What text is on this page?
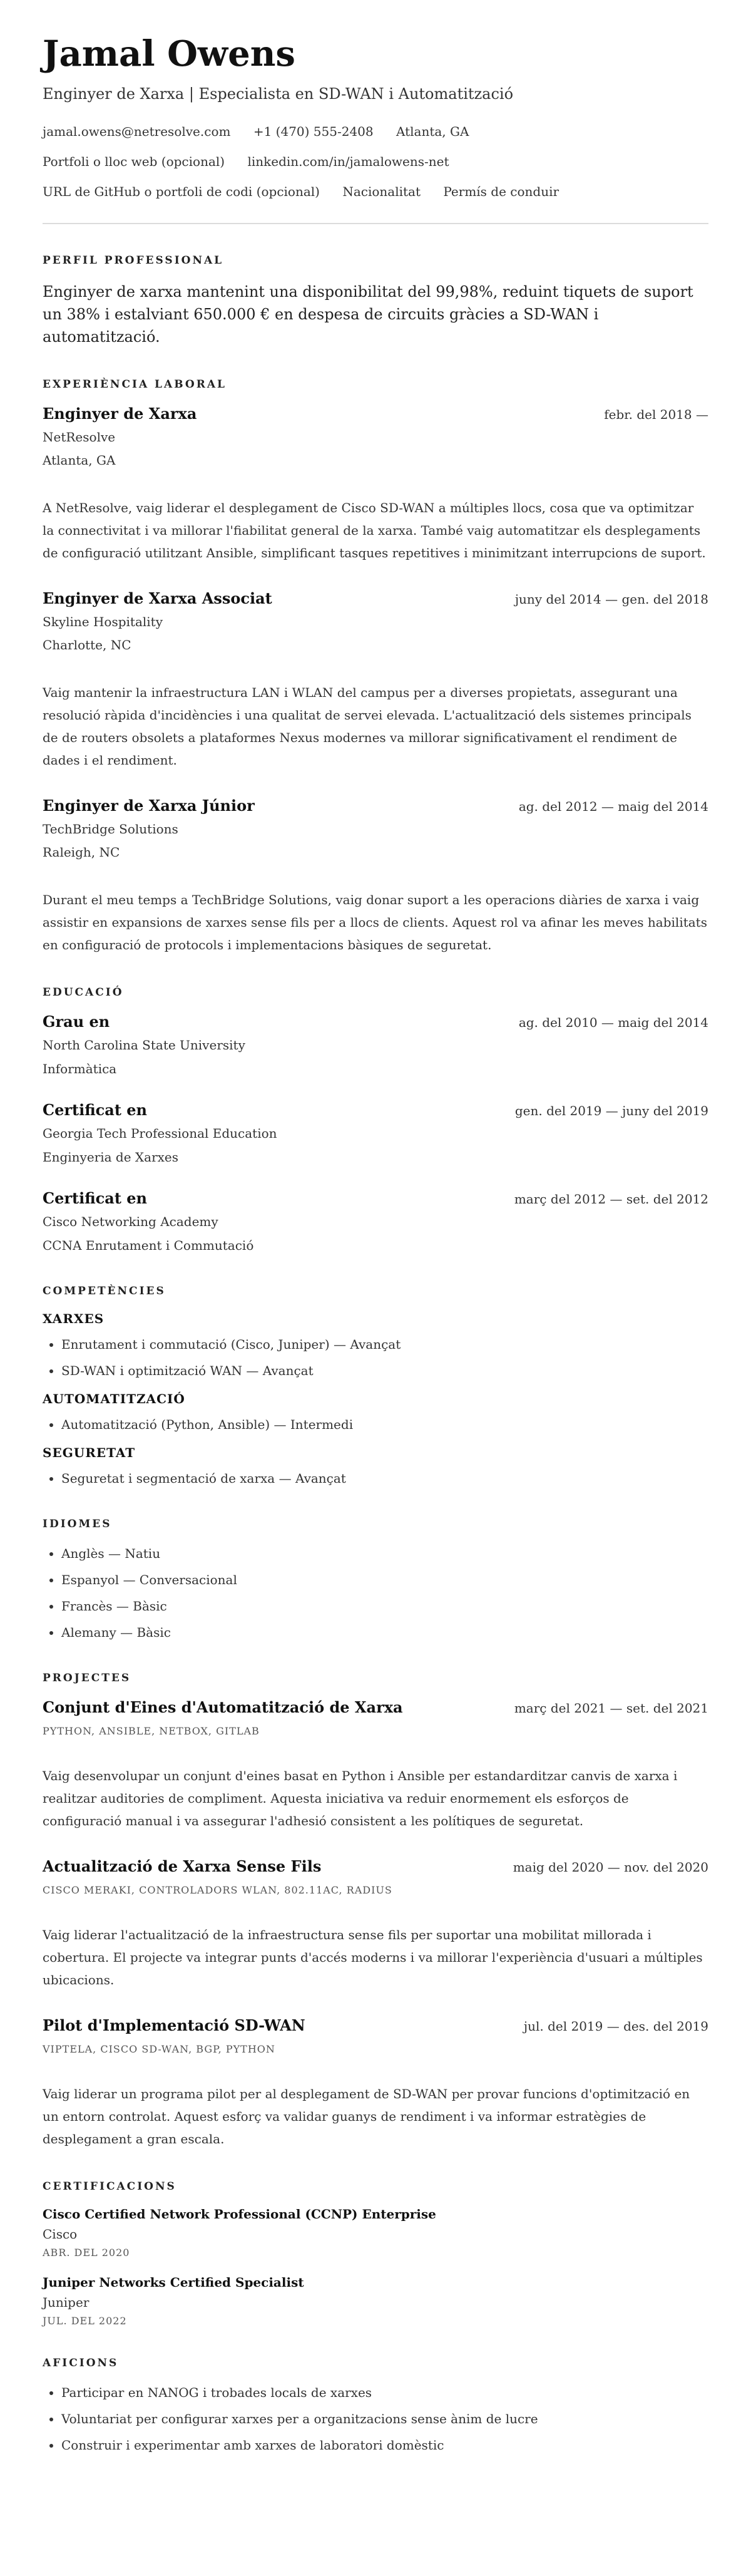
Jamal Owens
Enginyer de Xarxa | Especialista en SD-WAN i Automatització
jamal.owens@netresolve.com +1 (470) 555-2408 Atlanta, GA
Portfoli o lloc web (opcional) linkedin.com/in/jamalowens-net
URL de GitHub o portfoli de codi (opcional) Nacionalitat Permís de conduir
PERFIL PROFESSIONAL

Enginyer de xarxa mantenint una disponibilitat del 99,98%, reduint tiquets de suport un 38% i estalviant 650.000 € en despesa de circuits gràcies a SD-WAN i automatització.

EXPERIÈNCIA LABORAL
Enginyer de Xarxa	febr. del 2018 —
NetResolve
Atlanta, GA
A NetResolve, vaig liderar el desplegament de Cisco SD-WAN a múltiples llocs, cosa que va optimitzar la connectivitat i va millorar l'fiabilitat general de la xarxa. També vaig automatitzar els desplegaments de configuració utilitzant Ansible, simplificant tasques repetitives i minimitzant interrupcions de suport.
Enginyer de Xarxa Associat	juny del 2014 — gen. del 2018
Skyline Hospitality
Charlotte, NC
Vaig mantenir la infraestructura LAN i WLAN del campus per a diverses propietats, assegurant una resolució ràpida d'incidències i una qualitat de servei elevada. L'actualització dels sistemes principals de de routers obsolets a plataformes Nexus modernes va millorar significativament el rendiment de dades i el rendiment.
Enginyer de Xarxa Júnior	ag. del 2012 — maig del 2014
TechBridge Solutions
Raleigh, NC
Durant el meu temps a TechBridge Solutions, vaig donar suport a les operacions diàries de xarxa i vaig assistir en expansions de xarxes sense fils per a llocs de clients. Aquest rol va afinar les meves habilitats en configuració de protocols i implementacions bàsiques de seguretat.
EDUCACIÓ
Grau en	ag. del 2010 — maig del 2014
North Carolina State University
Informàtica
Certificat en	gen. del 2019 — juny del 2019
Georgia Tech Professional Education
Enginyeria de Xarxes
Certificat en	març del 2012 — set. del 2012
Cisco Networking Academy
CCNA Enrutament i Commutació
COMPETÈNCIES
XARXES
• Enrutament i commutació (Cisco, Juniper) — Avançat
• SD-WAN i optimització WAN — Avançat
AUTOMATITZACIÓ
• Automatització (Python, Ansible) — Intermedi
SEGURETAT
• Seguretat i segmentació de xarxa — Avançat
IDIOMES
• Anglès — Natiu
• Espanyol — Conversacional
• Francès — Bàsic
• Alemany — Bàsic
PROJECTES
Conjunt d'Eines d'Automatització de Xarxa	març del 2021 — set. del 2021
PYTHON, ANSIBLE, NETBOX, GITLAB
Vaig desenvolupar un conjunt d'eines basat en Python i Ansible per estandarditzar canvis de xarxa i realitzar auditories de compliment. Aquesta iniciativa va reduir enormement els esforços de configuració manual i va assegurar l'adhesió consistent a les polítiques de seguretat.
Actualització de Xarxa Sense Fils	maig del 2020 — nov. del 2020
CISCO MERAKI, CONTROLADORS WLAN, 802.11AC, RADIUS
Vaig liderar l'actualització de la infraestructura sense fils per suportar una mobilitat millorada i cobertura. El projecte va integrar punts d'accés moderns i va millorar l'experiència d'usuari a múltiples ubicacions.
Pilot d'Implementació SD-WAN	jul. del 2019 — des. del 2019
VIPTELA, CISCO SD-WAN, BGP, PYTHON
Vaig liderar un programa pilot per al desplegament de SD-WAN per provar funcions d'optimització en un entorn controlat. Aquest esforç va validar guanys de rendiment i va informar estratègies de desplegament a gran escala.
CERTIFICACIONS
Cisco Certified Network Professional (CCNP) Enterprise
Cisco
ABR. DEL 2020
Juniper Networks Certified Specialist
Juniper
JUL. DEL 2022
AFICIONS
• Participar en NANOG i trobades locals de xarxes
• Voluntariat per configurar xarxes per a organitzacions sense ànim de lucre
• Construir i experimentar amb xarxes de laboratori domèstic
